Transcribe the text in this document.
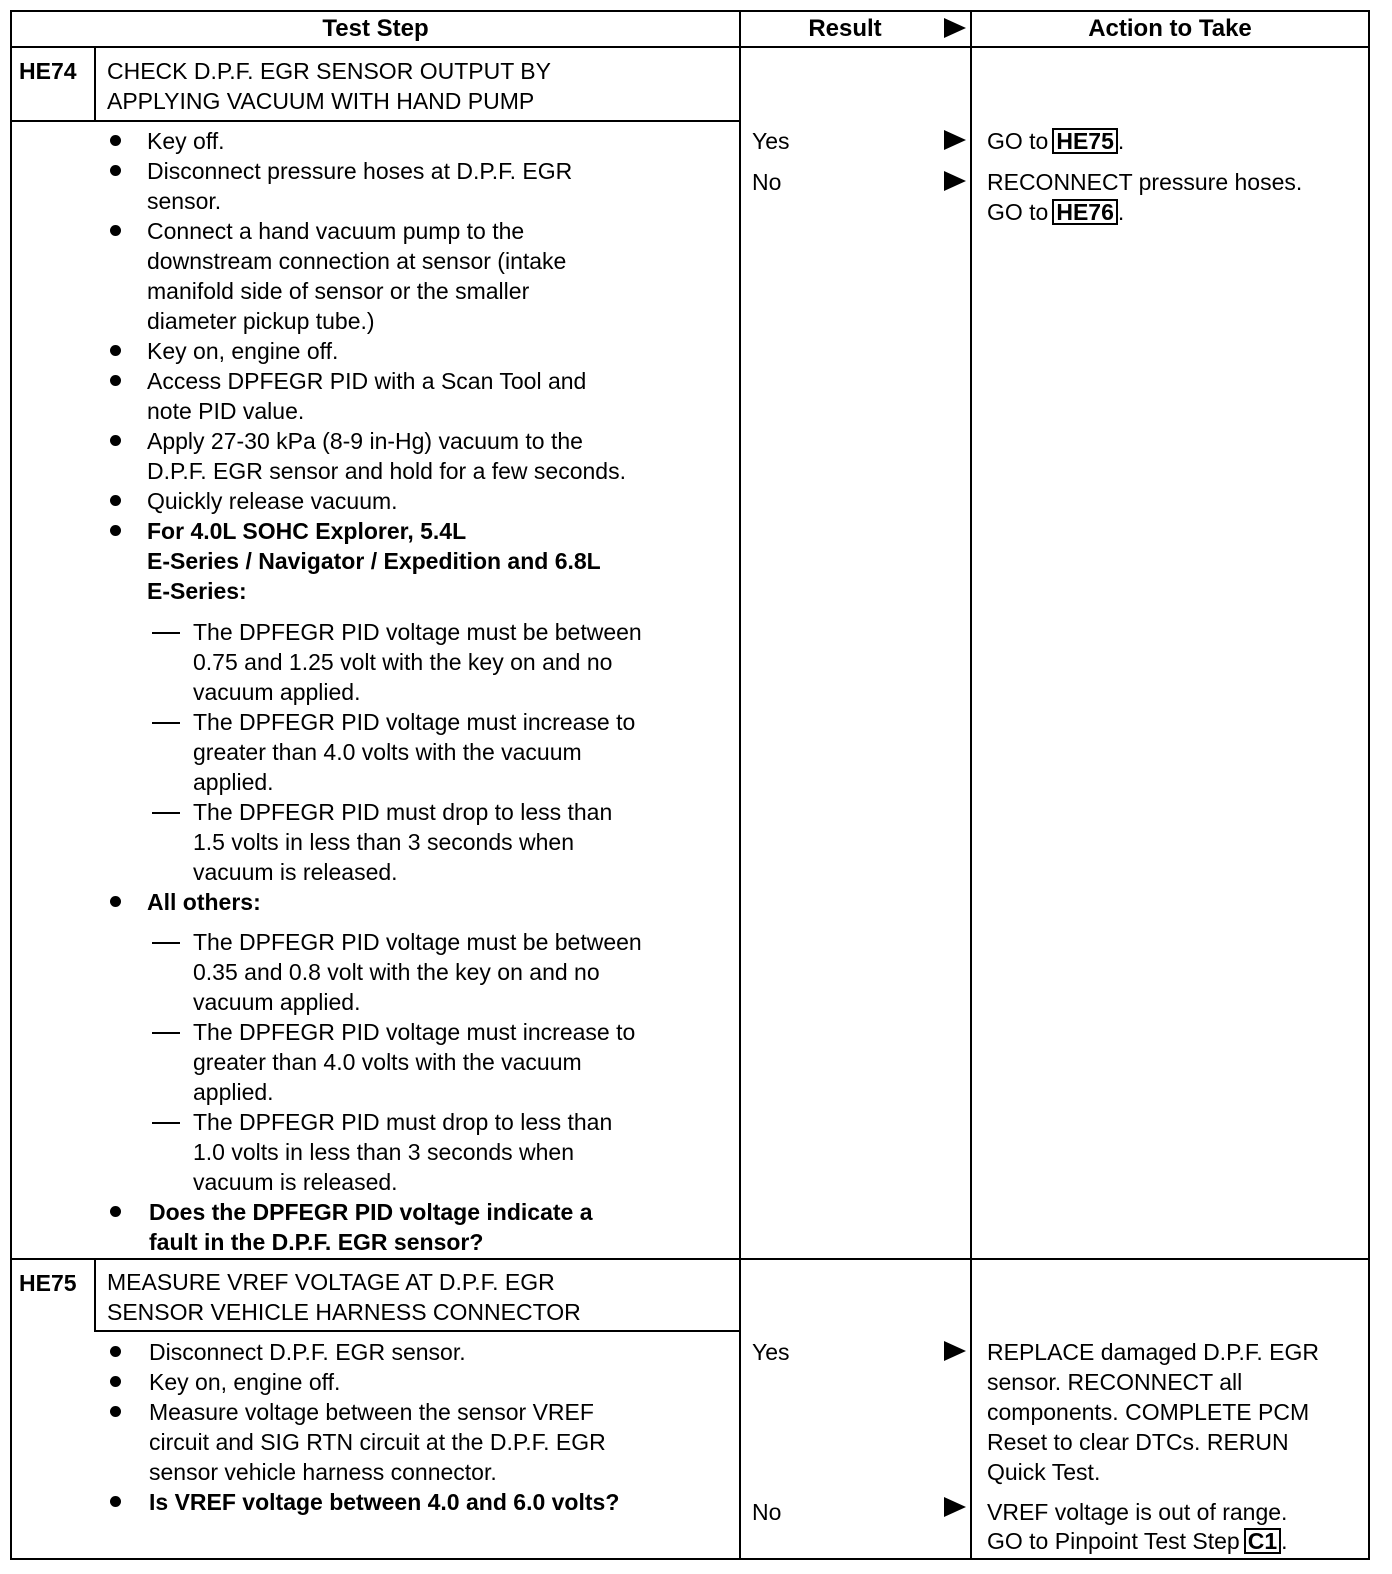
Test Step	Result	Action to Take
HE74 CHECK D.P.F. EGR SENSOR OUTPUT BY
APPLYING VACUUM WITH HAND PUMP
Key off.
Disconnect pressure hoses at D.P.F. EGR
sensor.
Connect a hand vacuum pump to the
downstream connection at sensor (intake
manifold side of sensor or the smaller
diameter pickup tube.)
Key on, engine off.
Access DPFEGR PID with a Scan Tool and
note PID value.
Apply 27-30 kPa (8-9 in-Hg) vacuum to the
D.P.F. EGR sensor and hold for a few seconds.
Quickly release vacuum.
For 4.0L SOHC Explorer, 5.4L
E-Series / Navigator / Expedition and 6.8L
E-Series:
The DPFEGR PID voltage must be between
0.75 and 1.25 volt with the key on and no
vacuum applied.
The DPFEGR PID voltage must increase to
greater than 4.0 volts with the vacuum
applied.
The DPFEGR PID must drop to less than
1.5 volts in less than 3 seconds when
vacuum is released.
All others:
The DPFEGR PID voltage must be between
0.35 and 0.8 volt with the key on and no
vacuum applied.
The DPFEGR PID voltage must increase to
greater than 4.0 volts with the vacuum
applied.
The DPFEGR PID must drop to less than
1.0 volts in less than 3 seconds when
vacuum is released.
Does the DPFEGR PID voltage indicate a
fault in the D.P.F. EGR sensor?
Yes	GO to HE75 .
No	RECONNECT pressure hoses.
GO to HE76 .
HE75 MEASURE VREF VOLTAGE AT D.P.F. EGR
SENSOR VEHICLE HARNESS CONNECTOR
Disconnect D.P.F. EGR sensor.
Key on, engine off.
Measure voltage between the sensor VREF
circuit and SIG RTN circuit at the D.P.F. EGR
sensor vehicle harness connector.
Is VREF voltage between 4.0 and 6.0 volts?
Yes	REPLACE damaged D.P.F. EGR
sensor. RECONNECT all
components. COMPLETE PCM
Reset to clear DTCs. RERUN
Quick Test.
No	VREF voltage is out of range.
GO to Pinpoint Test Step C1 .
